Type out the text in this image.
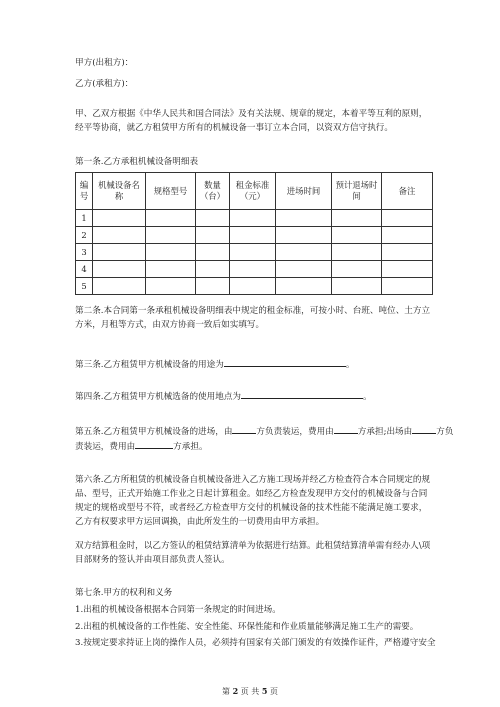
甲方(出租方)：
乙方(承租方)：
甲、乙双方根据《中华人民共和国合同法》及有关法规、规章的规定，本着平等互利的原则，经平等协商，就乙方租赁甲方所有的机械设备一事订立本合同，以资双方信守执行。
第一条.乙方承租机械设备明细表
编号	机械设备名称	规格型号	数量（台）	租金标准（元）	进场时间	预计退场时间	备注
1							
2							
3							
4							
5							
第二条.本合同第一条承租机械设备明细表中规定的租金标准，可按小时、台班、吨位、土方立方米，月租等方式，由双方协商一致后如实填写。
第三条.乙方租赁甲方机械设备的用途为	。
第四条.乙方租赁甲方机械选备的使用地点为	。
第五条.乙方租赁甲方机械设备的进场，由	方负责装运，费用由	方承担;出场由	方负
责装运，费用由	方承担。
第六条.乙方所租赁的机械设备自机械设备进入乙方施工现场并经乙方检查符合本合同规定的规品、型号，正式开始施工作业之日起计算租金。如经乙方检查发现甲方交付的机械设备与合同规定的规格或型号不符，或者经乙方检查甲方交付的机械设备的技术性能不能满足施工要求，乙方有权要求甲方运回调换，由此所发生的一切费用由甲方承担。
双方结算租金时，以乙方签认的租赁结算清单为依据进行结算。此租赁结算清单需有经办人\项目部财务的签认并由项目部负责人签认。
第七条.甲方的权利和义务
1.出租的机械设备根据本合同第一条规定的时间进场。
2.出租的机械设备的工作性能、安全性能、环保性能和作业质量能够满足施工生产的需要。
3.按规定要求持证上岗的操作人员，必须持有国家有关部门颁发的有效操作证件，严格遵守安全
第 2 页 共 5 页
